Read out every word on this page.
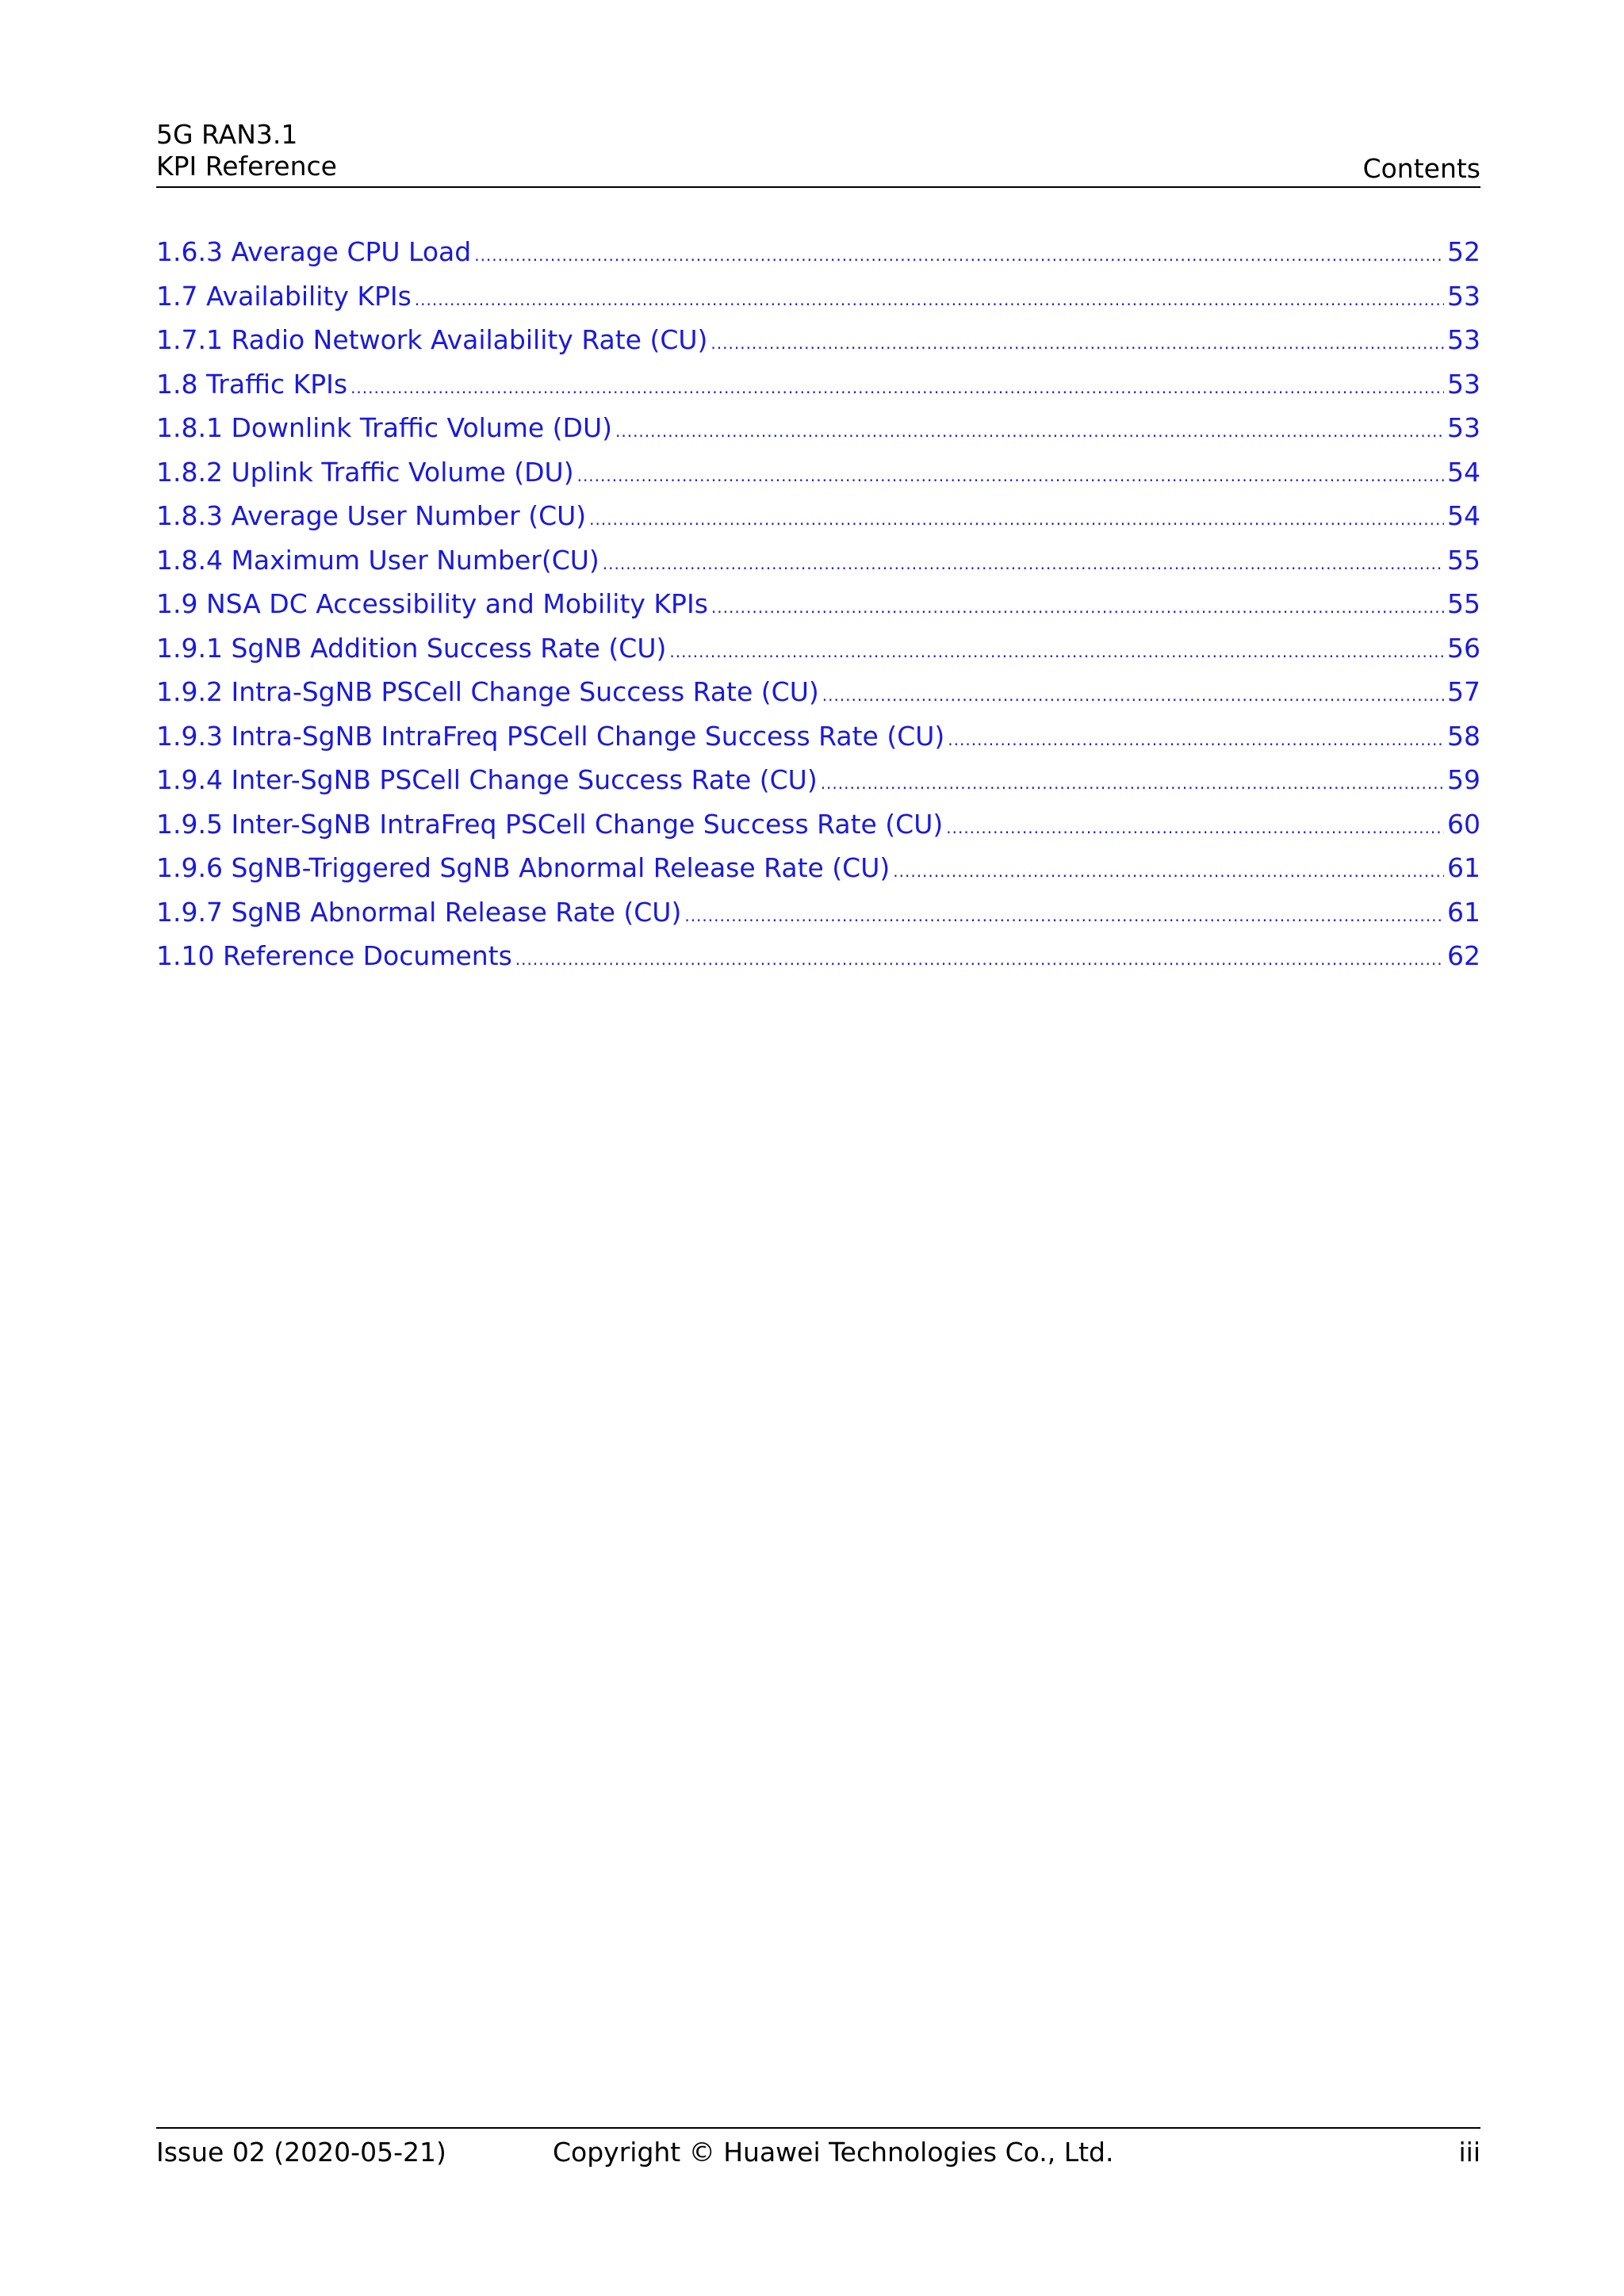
5G RAN3.1
KPI Reference	Contents
1.6.3 Average CPU Load .....	52
1.7 Availability KPIs .....	53
1.7.1 Radio Network Availability Rate (CU) .....	53
1.8 Traffic KPIs .....	53
1.8.1 Downlink Traffic Volume (DU) .....	53
1.8.2 Uplink Traffic Volume (DU) .....	54
1.8.3 Average User Number (CU) .....	54
1.8.4 Maximum User Number(CU) .....	55
1.9 NSA DC Accessibility and Mobility KPIs .....	55
1.9.1 SgNB Addition Success Rate (CU) .....	56
1.9.2 Intra-SgNB PSCell Change Success Rate (CU) .....	57
1.9.3 Intra-SgNB IntraFreq PSCell Change Success Rate (CU) .....	58
1.9.4 Inter-SgNB PSCell Change Success Rate (CU) .....	59
1.9.5 Inter-SgNB IntraFreq PSCell Change Success Rate (CU) .....	60
1.9.6 SgNB-Triggered SgNB Abnormal Release Rate (CU) .....	61
1.9.7 SgNB Abnormal Release Rate (CU) .....	61
1.10 Reference Documents .....	62
Issue 02 (2020-05-21)	Copyright © Huawei Technologies Co., Ltd.	iii
